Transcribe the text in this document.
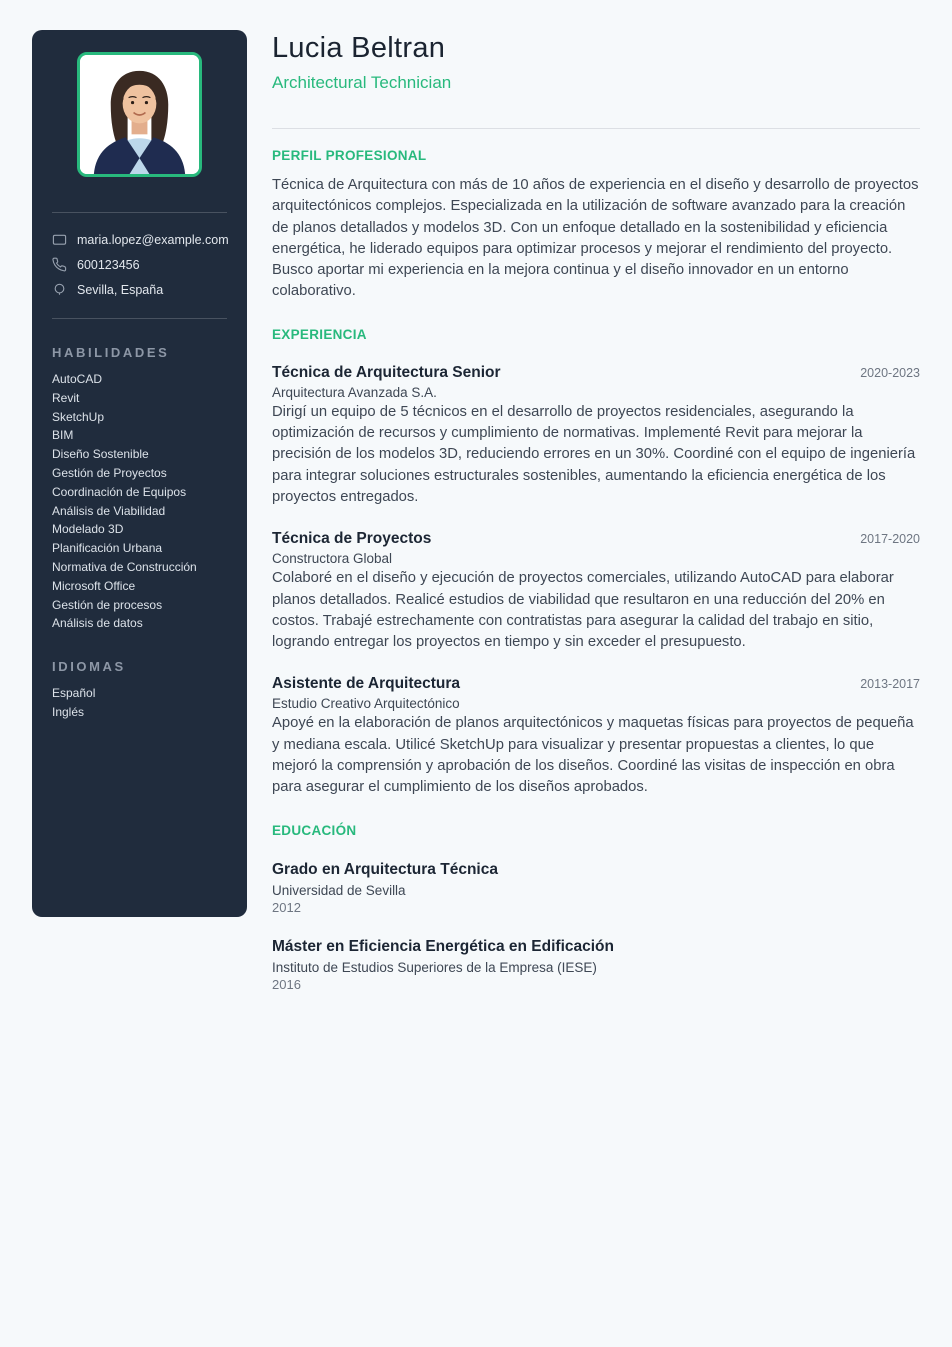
maria.lopez@example.com
600123456
Sevilla, España
HABILIDADES
AutoCAD
Revit
SketchUp
BIM
Diseño Sostenible
Gestión de Proyectos
Coordinación de Equipos
Análisis de Viabilidad
Modelado 3D
Planificación Urbana
Normativa de Construcción
Microsoft Office
Gestión de procesos
Análisis de datos
IDIOMAS
Español
Inglés
Lucia Beltran
Architectural Technician
PERFIL PROFESIONAL

Técnica de Arquitectura con más de 10 años de experiencia en el diseño y desarrollo de proyectos arquitectónicos complejos. Especializada en la utilización de software avanzado para la creación de planos detallados y modelos 3D. Con un enfoque detallado en la sostenibilidad y eficiencia energética, he liderado equipos para optimizar procesos y mejorar el rendimiento del proyecto. Busco aportar mi experiencia en la mejora continua y el diseño innovador en un entorno colaborativo.

EXPERIENCIA
Técnica de Arquitectura Senior	2020-2023
Arquitectura Avanzada S.A.

Dirigí un equipo de 5 técnicos en el desarrollo de proyectos residenciales, asegurando la optimización de recursos y cumplimiento de normativas. Implementé Revit para mejorar la precisión de los modelos 3D, reduciendo errores en un 30%. Coordiné con el equipo de ingeniería para integrar soluciones estructurales sostenibles, aumentando la eficiencia energética de los proyectos entregados.

Técnica de Proyectos	2017-2020
Constructora Global

Colaboré en el diseño y ejecución de proyectos comerciales, utilizando AutoCAD para elaborar planos detallados. Realicé estudios de viabilidad que resultaron en una reducción del 20% en costos. Trabajé estrechamente con contratistas para asegurar la calidad del trabajo en sitio, logrando entregar los proyectos en tiempo y sin exceder el presupuesto.

Asistente de Arquitectura	2013-2017
Estudio Creativo Arquitectónico

Apoyé en la elaboración de planos arquitectónicos y maquetas físicas para proyectos de pequeña y mediana escala. Utilicé SketchUp para visualizar y presentar propuestas a clientes, lo que mejoró la comprensión y aprobación de los diseños. Coordiné las visitas de inspección en obra para asegurar el cumplimiento de los diseños aprobados.

EDUCACIÓN
Grado en Arquitectura Técnica
Universidad de Sevilla
2012
Máster en Eficiencia Energética en Edificación
Instituto de Estudios Superiores de la Empresa (IESE)
2016
